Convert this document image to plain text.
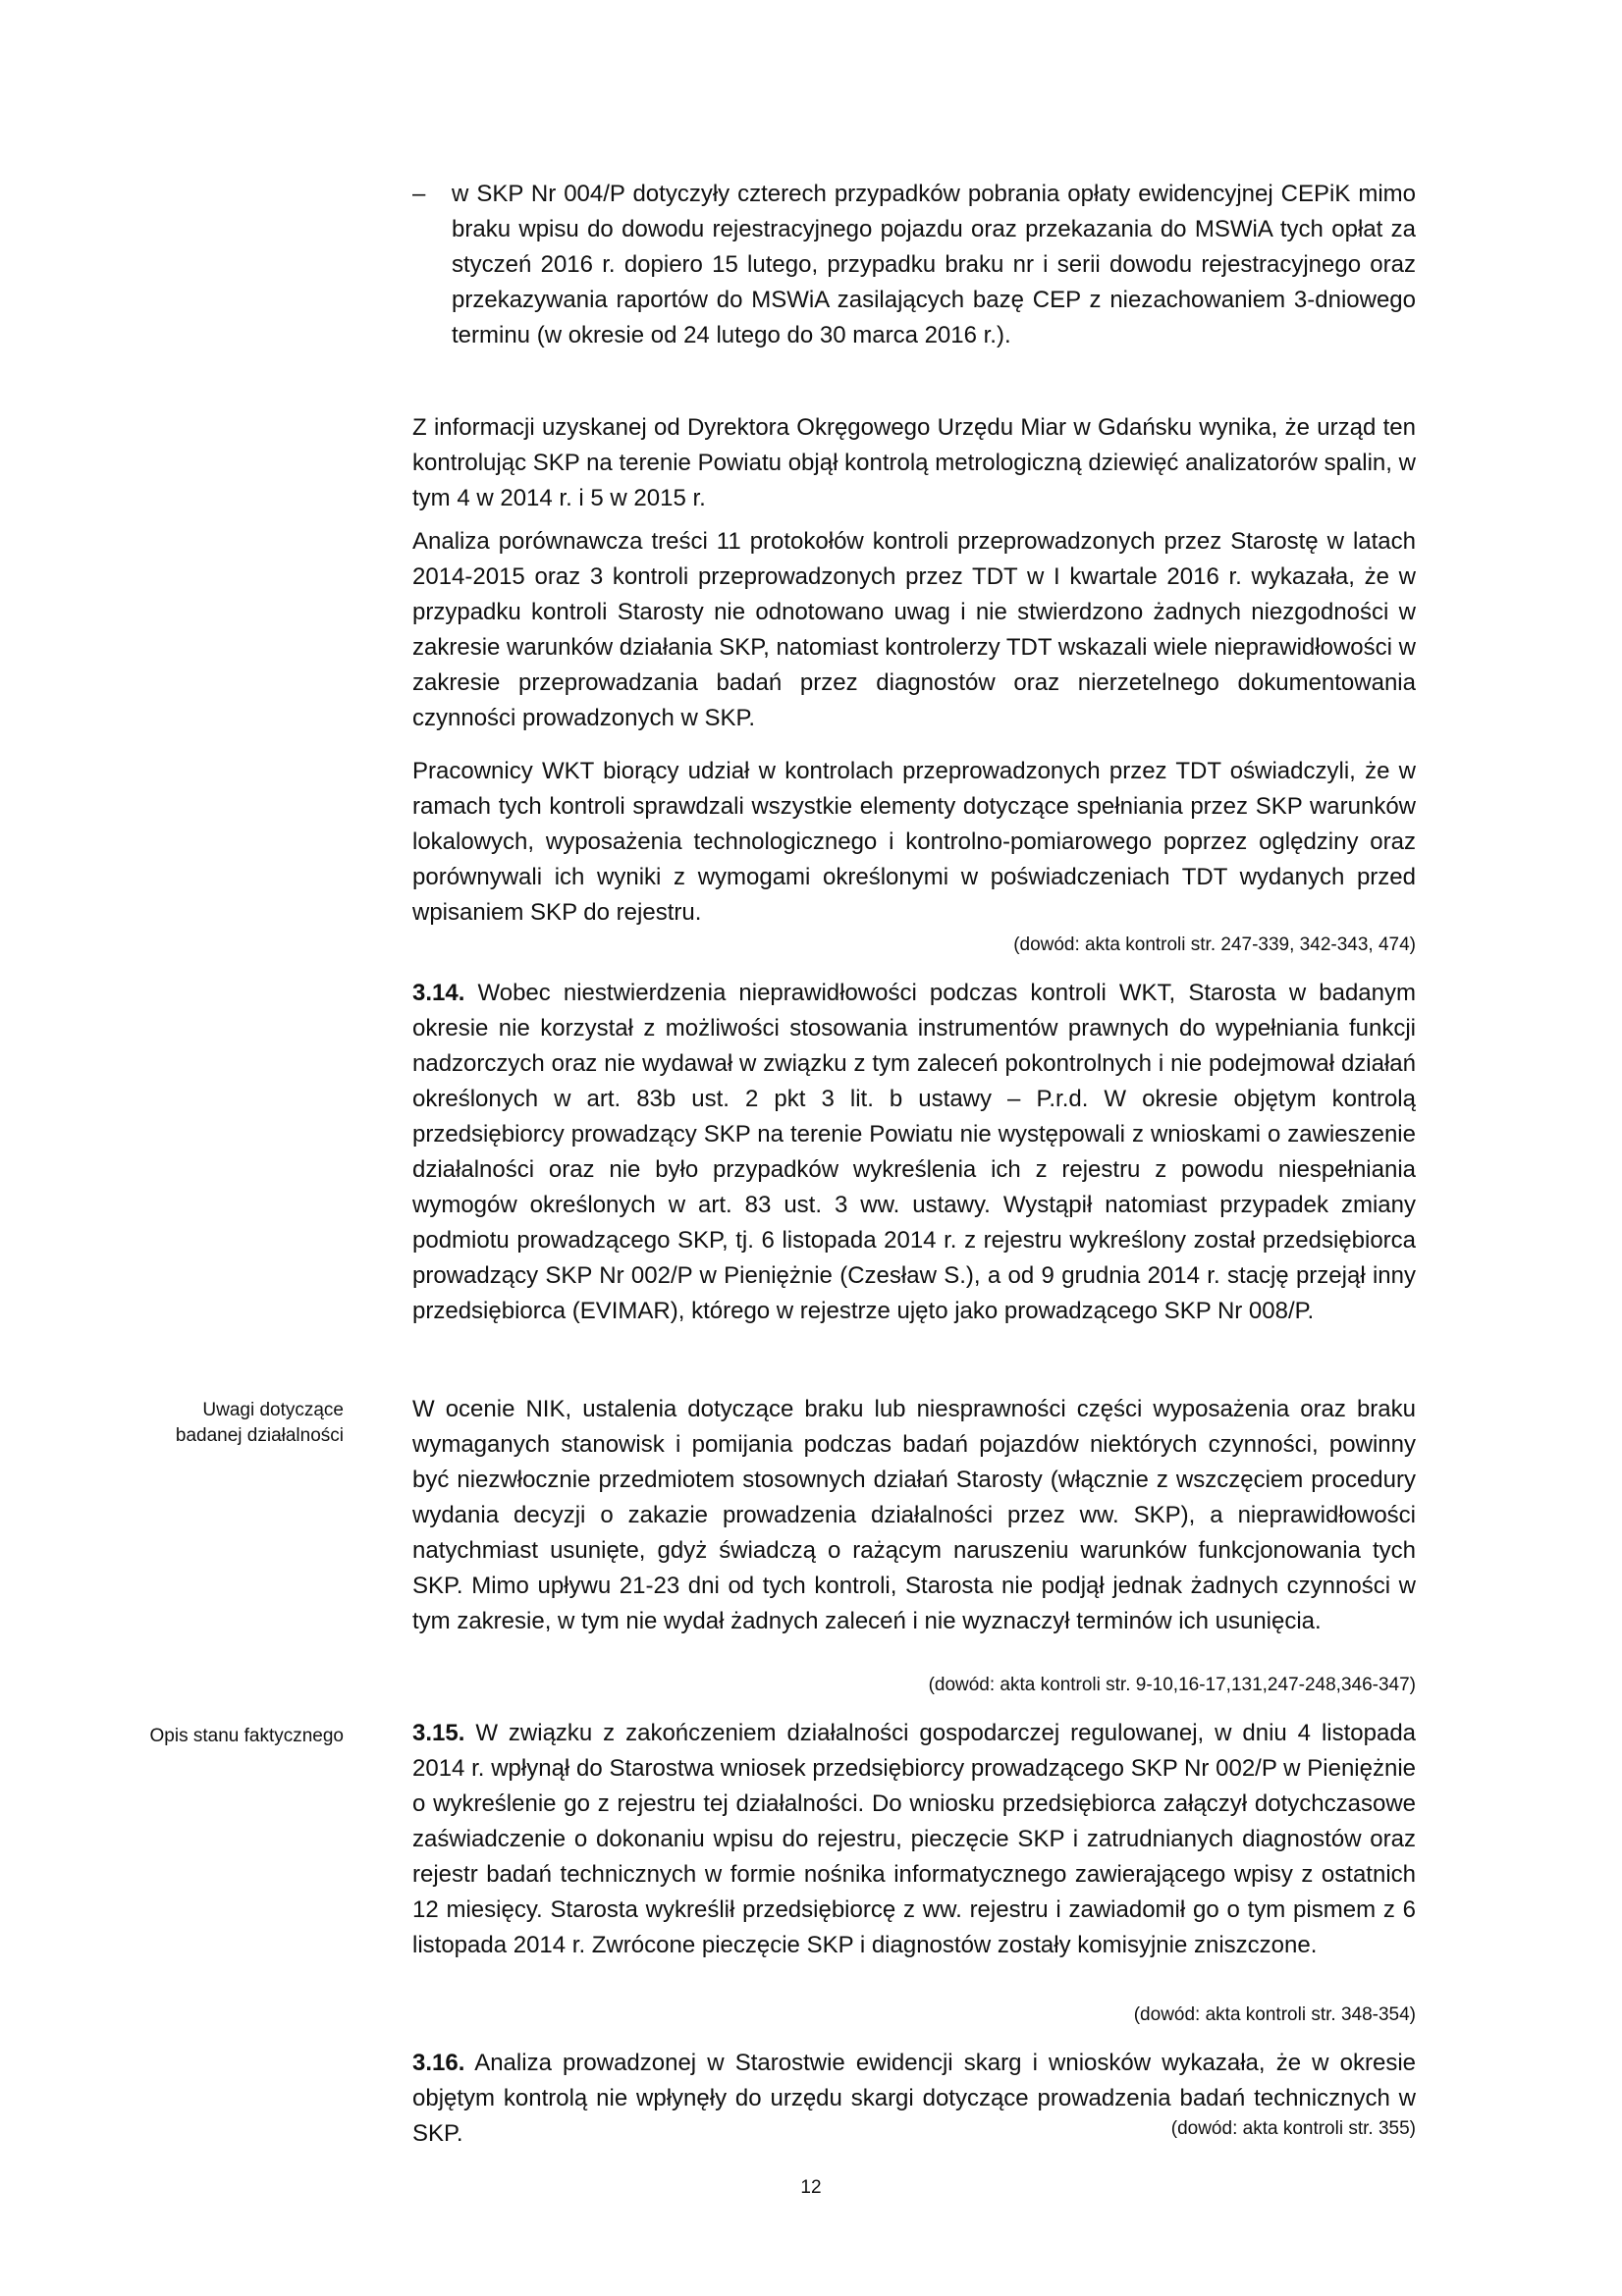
–	w SKP Nr 004/P dotyczyły czterech przypadków pobrania opłaty ewidencyjnej CEPiK mimo braku wpisu do dowodu rejestracyjnego pojazdu oraz przekazania do MSWiA tych opłat za styczeń 2016 r. dopiero 15 lutego, przypadku braku nr i serii dowodu rejestracyjnego oraz przekazywania raportów do MSWiA zasilających bazę CEP z niezachowaniem 3-dniowego terminu (w okresie od 24 lutego do 30 marca 2016 r.).

Z informacji uzyskanej od Dyrektora Okręgowego Urzędu Miar w Gdańsku wynika, że urząd ten kontrolując SKP na terenie Powiatu objął kontrolą metrologiczną dziewięć analizatorów spalin, w tym 4 w 2014 r. i 5 w 2015 r.

Analiza porównawcza treści 11 protokołów kontroli przeprowadzonych przez Starostę w latach 2014-2015 oraz 3 kontroli przeprowadzonych przez TDT w I kwartale 2016 r. wykazała, że w przypadku kontroli Starosty nie odnotowano uwag i nie stwierdzono żadnych niezgodności w zakresie warunków działania SKP, natomiast kontrolerzy TDT wskazali wiele nieprawidłowości w zakresie przeprowadzania badań przez diagnostów oraz nierzetelnego dokumentowania czynności prowadzonych w SKP.

Pracownicy WKT biorący udział w kontrolach przeprowadzonych przez TDT oświadczyli, że w ramach tych kontroli sprawdzali wszystkie elementy dotyczące spełniania przez SKP warunków lokalowych, wyposażenia technologicznego i kontrolno-pomiarowego poprzez oględziny oraz porównywali ich wyniki z wymogami określonymi w poświadczeniach TDT wydanych przed wpisaniem SKP do rejestru.

(dowód: akta kontroli str. 247-339, 342-343, 474)

3.14. Wobec niestwierdzenia nieprawidłowości podczas kontroli WKT, Starosta w badanym okresie nie korzystał z możliwości stosowania instrumentów prawnych do wypełniania funkcji nadzorczych oraz nie wydawał w związku z tym zaleceń pokontrolnych i nie podejmował działań określonych w art. 83b ust. 2 pkt 3 lit. b ustawy – P.r.d. W okresie objętym kontrolą przedsiębiorcy prowadzący SKP na terenie Powiatu nie występowali z wnioskami o zawieszenie działalności oraz nie było przypadków wykreślenia ich z rejestru z powodu niespełniania wymogów określonych w art. 83 ust. 3 ww. ustawy. Wystąpił natomiast przypadek zmiany podmiotu prowadzącego SKP, tj. 6 listopada 2014 r. z rejestru wykreślony został przedsiębiorca prowadzący SKP Nr 002/P w Pieniężnie (Czesław S.), a od 9 grudnia 2014 r. stację przejął inny przedsiębiorca (EVIMAR), którego w rejestrze ujęto jako prowadzącego SKP Nr 008/P.

Uwagi dotyczące badanej działalności

W ocenie NIK, ustalenia dotyczące braku lub niesprawności części wyposażenia oraz braku wymaganych stanowisk i pomijania podczas badań pojazdów niektórych czynności, powinny być niezwłocznie przedmiotem stosownych działań Starosty (włącznie z wszczęciem procedury wydania decyzji o zakazie prowadzenia działalności przez ww. SKP), a nieprawidłowości natychmiast usunięte, gdyż świadczą o rażącym naruszeniu warunków funkcjonowania tych SKP. Mimo upływu 21-23 dni od tych kontroli, Starosta nie podjął jednak żadnych czynności w tym zakresie, w tym nie wydał żadnych zaleceń i nie wyznaczył terminów ich usunięcia.

(dowód: akta kontroli str. 9-10,16-17,131,247-248,346-347)

Opis stanu faktycznego	3.15. W związku z zakończeniem działalności gospodarczej regulowanej, w dniu 4 listopada 2014 r. wpłynął do Starostwa wniosek przedsiębiorcy prowadzącego SKP Nr 002/P w Pieniężnie o wykreślenie go z rejestru tej działalności. Do wniosku przedsiębiorca załączył dotychczasowe zaświadczenie o dokonaniu wpisu do rejestru, pieczęcie SKP i zatrudnianych diagnostów oraz rejestr badań technicznych w formie nośnika informatycznego zawierającego wpisy z ostatnich 12 miesięcy. Starosta wykreślił przedsiębiorcę z ww. rejestru i zawiadomił go o tym pismem z 6 listopada 2014 r. Zwrócone pieczęcie SKP i diagnostów zostały komisyjnie zniszczone.

(dowód: akta kontroli str. 348-354)

3.16. Analiza prowadzonej w Starostwie ewidencji skarg i wniosków wykazała, że w okresie objętym kontrolą nie wpłynęły do urzędu skargi dotyczące prowadzenia badań technicznych w SKP.	(dowód: akta kontroli str. 355)

12
